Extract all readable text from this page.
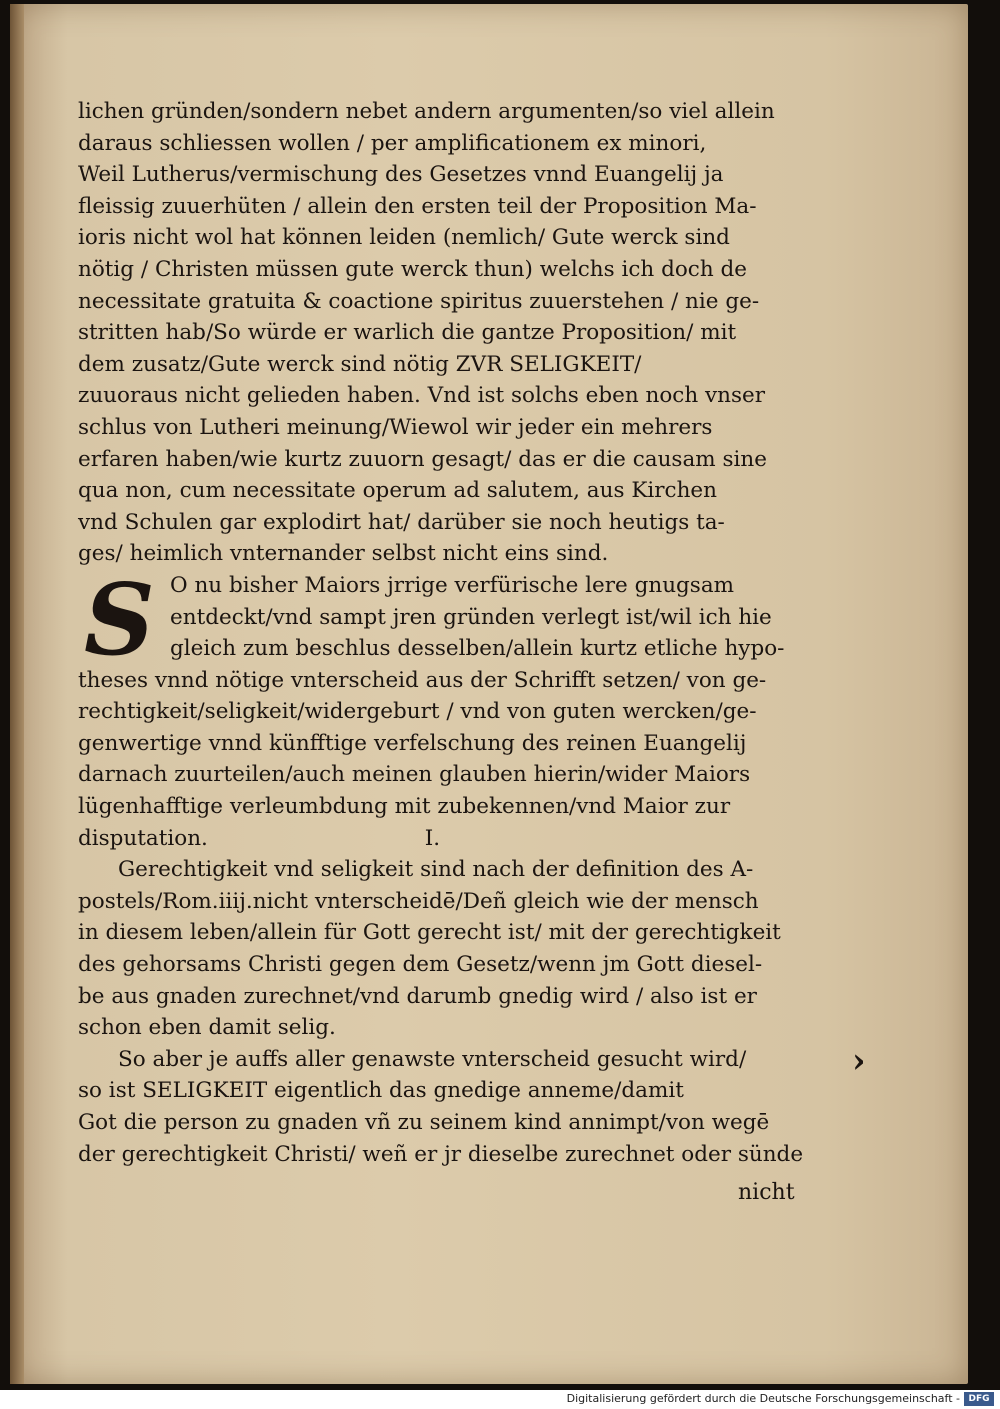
lichen gründen/sondern nebet andern argumenten/so viel allein
daraus schliessen wollen / per amplificationem ex minori,
Weil Lutherus/vermischung des Gesetzes vnnd Euangelij ja
fleissig zuuerhüten / allein den ersten teil der Proposition Ma-
ioris nicht wol hat können leiden (nemlich/ Gute werck sind
nötig / Christen müssen gute werck thun) welchs ich doch de
necessitate gratuita & coactione spiritus zuuerstehen / nie ge-
stritten hab/So würde er warlich die gantze Proposition/ mit
dem zusatz/Gute werck sind nötig ZVR SELIGKEIT/
zuuoraus nicht gelieden haben. Vnd ist solchs eben noch vnser
schlus von Lutheri meinung/Wiewol wir jeder ein mehrers
erfaren haben/wie kurtz zuuorn gesagt/ das er die causam sine
qua non, cum necessitate operum ad salutem, aus Kirchen
vnd Schulen gar explodirt hat/ darüber sie noch heutigs ta-
ges/ heimlich vnternander selbst nicht eins sind.
S O nu bisher Maiors jrrige verfürische lere gnugsam
entdeckt/vnd sampt jren gründen verlegt ist/wil ich hie
gleich zum beschlus desselben/allein kurtz etliche hypo-
theses vnnd nötige vnterscheid aus der Schrifft setzen/ von ge-
rechtigkeit/seligkeit/widergeburt / vnd von guten wercken/ge-
genwertige vnnd künfftige verfelschung des reinen Euangelij
darnach zuurteilen/auch meinen glauben hierin/wider Maiors
lügenhafftige verleumbdung mit zubekennen/vnd Maior zur
disputation.	I.
Gerechtigkeit vnd seligkeit sind nach der definition des A-
postels/Rom.iiij.nicht vnterscheidē/Deñ gleich wie der mensch
in diesem leben/allein für Gott gerecht ist/ mit der gerechtigkeit
des gehorsams Christi gegen dem Gesetz/wenn jm Gott diesel-
be aus gnaden zurechnet/vnd darumb gnedig wird / also ist er
schon eben damit selig.
So aber je auffs aller genawste vnterscheid gesucht wird/
so ist SELIGKEIT eigentlich das gnedige anneme/damit
Got die person zu gnaden vñ zu seinem kind annimpt/von wegē
der gerechtigkeit Christi/ weñ er jr dieselbe zurechnet oder sünde
›
nicht
Digitalisierung gefördert durch die Deutsche Forschungsgemeinschaft - DFG
